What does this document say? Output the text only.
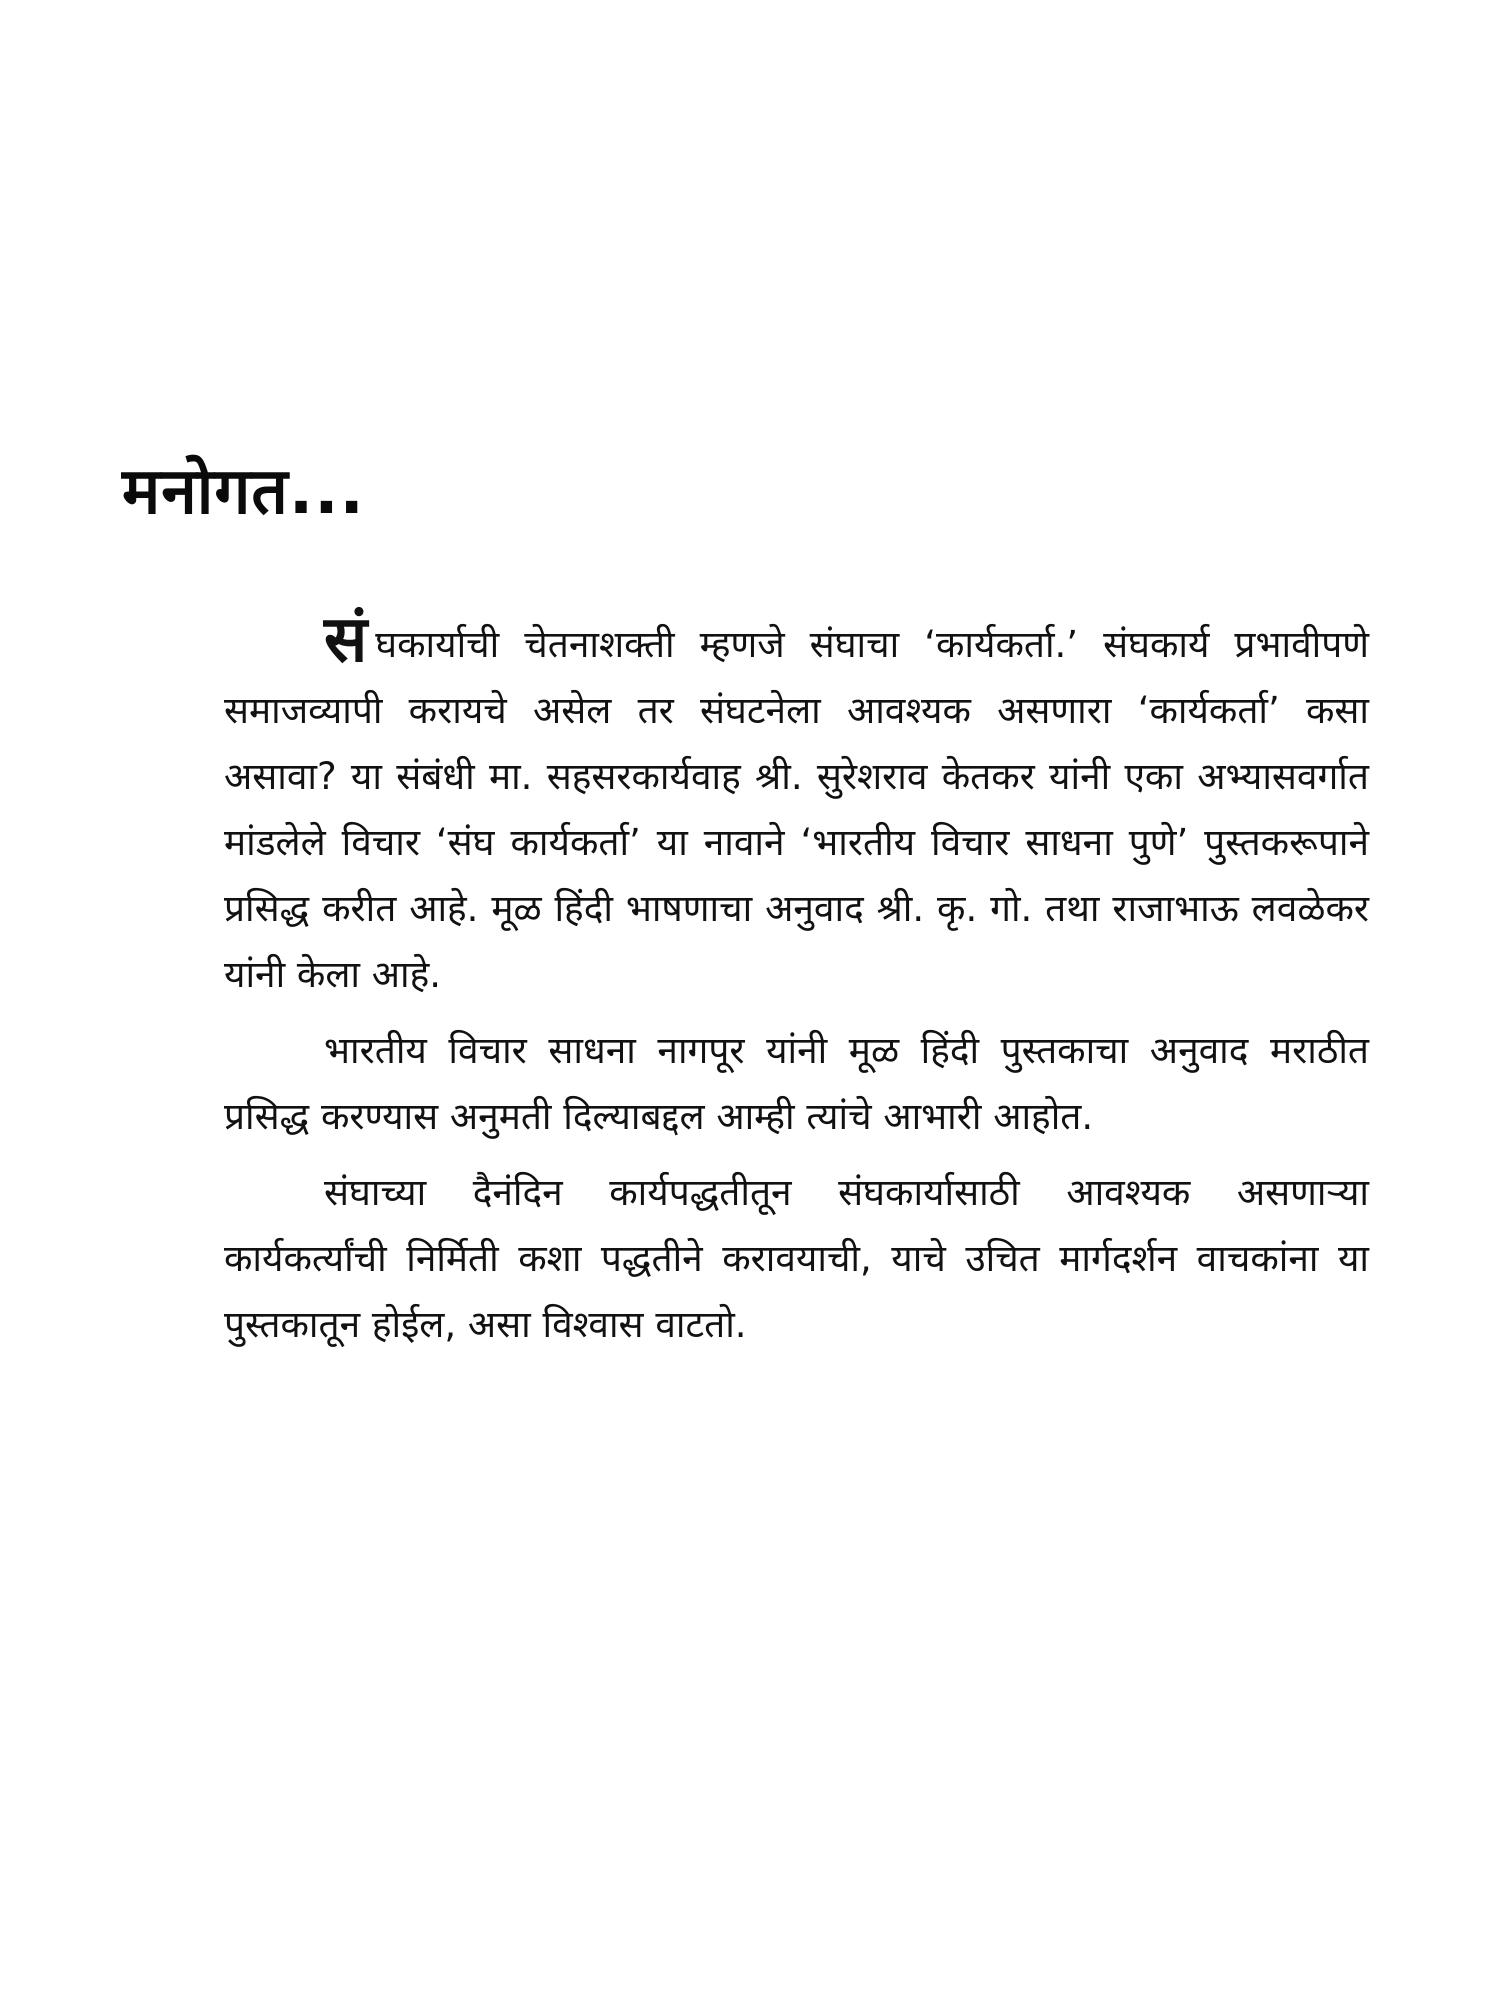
मनोगत...

संघकार्याची चेतनाशक्ती म्हणजे संघाचा ‘कार्यकर्ता.’ संघकार्य प्रभावीपणे समाजव्यापी करायचे असेल तर संघटनेला आवश्यक असणारा ‘कार्यकर्ता’ कसा असावा? या संबंधी मा. सहसरकार्यवाह श्री. सुरेशराव केतकर यांनी एका अभ्यासवर्गात मांडलेले विचार ‘संघ कार्यकर्ता’ या नावाने ‘भारतीय विचार साधना पुणे’ पुस्तकरूपाने प्रसिद्ध करीत आहे. मूळ हिंदी भाषणाचा अनुवाद श्री. कृ. गो. तथा राजाभाऊ लवळेकर यांनी केला आहे.

भारतीय विचार साधना नागपूर यांनी मूळ हिंदी पुस्तकाचा अनुवाद मराठीत प्रसिद्ध करण्यास अनुमती दिल्याबद्दल आम्ही त्यांचे आभारी आहोत.

संघाच्या दैनंदिन कार्यपद्धतीतून संघकार्यासाठी आवश्यक असणाऱ्या कार्यकर्त्यांची निर्मिती कशा पद्धतीने करावयाची, याचे उचित मार्गदर्शन वाचकांना या पुस्तकातून होईल, असा विश्वास वाटतो.
